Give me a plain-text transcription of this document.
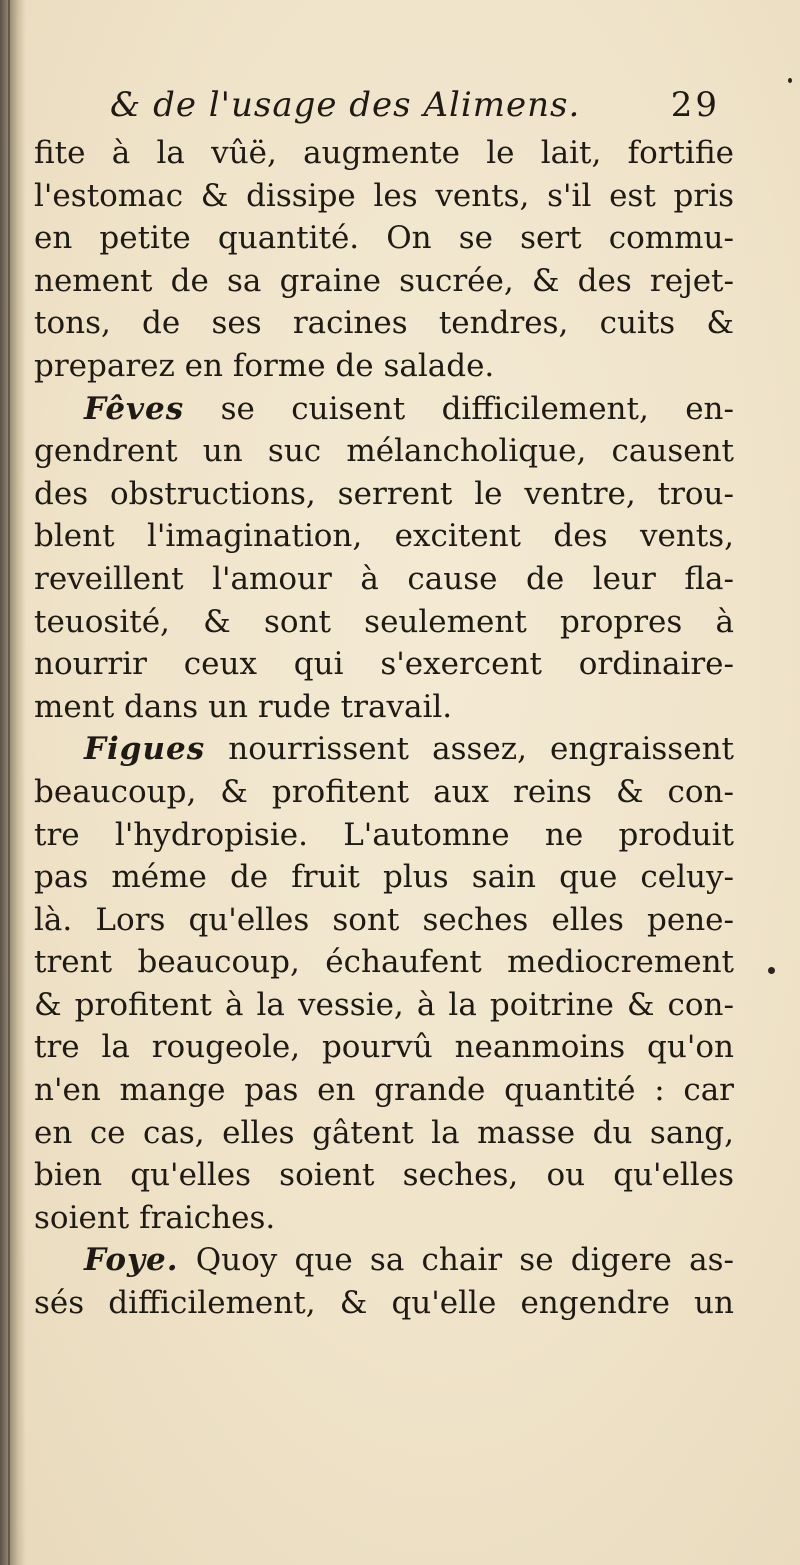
& de l'usage des Alimens.	29
fite à la vûë, augmente le lait, fortifie
l'estomac & dissipe les vents, s'il est pris
en petite quantité. On se sert commu-
nement de sa graine sucrée, & des rejet-
tons, de ses racines tendres, cuits &
preparez en forme de salade.
Fêves se cuisent difficilement, en-
gendrent un suc mélancholique, causent
des obstructions, serrent le ventre, trou-
blent l'imagination, excitent des vents,
reveillent l'amour à cause de leur fla-
teuosité, & sont seulement propres à
nourrir ceux qui s'exercent ordinaire-
ment dans un rude travail.
Figues nourrissent assez, engraissent
beaucoup, & profitent aux reins & con-
tre l'hydropisie. L'automne ne produit
pas méme de fruit plus sain que celuy-
là. Lors qu'elles sont seches elles pene-
trent beaucoup, échaufent mediocrement
& profitent à la vessie, à la poitrine & con-
tre la rougeole, pourvû neanmoins qu'on
n'en mange pas en grande quantité : car
en ce cas, elles gâtent la masse du sang,
bien qu'elles soient seches, ou qu'elles
soient fraiches.
Foye. Quoy que sa chair se digere as-
sés difficilement, & qu'elle engendre un
